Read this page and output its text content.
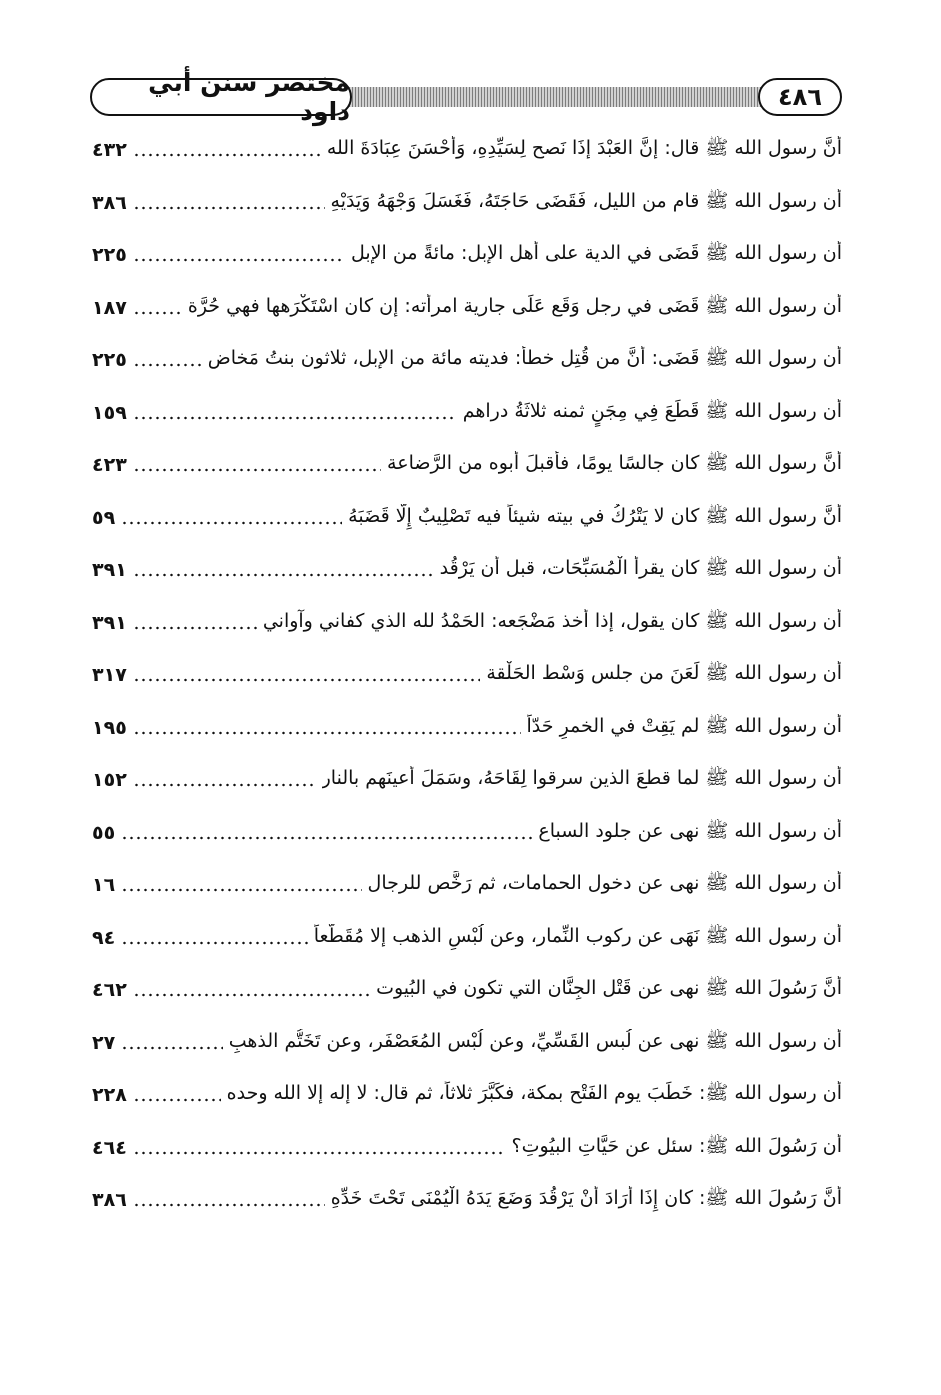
مختصر سنن أبي داود	٤٨٦
أنَّ رسول الله ﷺ قال: إنَّ العَبْدَ إذَا نَصح لِسَيِّدِهِ، وَأَحْسَنَ عِبَادَةَ الله
٤٣٢
أن رسول الله ﷺ قام من الليل، فَقَضَى حَاجَتَهُ، فَغَسَلَ وَجْهَهُ وَيَدَيْهِ
٣٨٦
أن رسول الله ﷺ قَضَى في الدية على أهل الإبل: مائةً من الإبل
٢٢٥
أن رسول الله ﷺ قَضَى في رجل وَقَع عَلَى جارية امرأته: إن كان اسْتَكْرَهها فهي حُرَّة
١٨٧
أن رسول الله ﷺ قَضَى: أَنَّ من قُتِل خطأً: فديته مائة من الإبل، ثلاثون بنتُ مَخاض
٢٢٥
أن رسول الله ﷺ قَطَعَ فِي مِجَنٍ ثمنه ثلاثَةُ دراهم
١٥٩
أنَّ رسول الله ﷺ كان جالسًا يومًا، فأقبلَ أبوه من الرَّضاعة
٤٢٣
أنَّ رسول الله ﷺ كان لا يَتْرُكُ في بيته شيئاً فيه تَصْلِيبٌ إِلَّا قَضَبَهُ
٥٩
أن رسول الله ﷺ كان يقرأ الْمُسَبِّحَات، قبل أن يَرْقُد
٣٩١
أن رسول الله ﷺ كان يقول، إذا أخذ مَضْجَعه: الحَمْدُ لله الذي كفاني وآواني
٣٩١
أن رسول الله ﷺ لَعَنَ من جلس وَسْط الحَلْقة
٣١٧
أن رسول الله ﷺ لم يَقِتْ في الخمرِ حَدّاً
١٩٥
أن رسول الله ﷺ لما قطعَ الذين سرقوا لِقَاحَهُ، وسَمَلَ أَعينَهم بالنار
١٥٢
أن رسول الله ﷺ نهى عن جلود السباع
٥٥
أن رسول الله ﷺ نهى عن دخول الحمامات، ثم رَخَّص للرجال
١٦
أن رسول الله ﷺ نَهَى عن ركوب النِّمار، وعن لُبْسِ الذهب إلا مُقَطَّعاً
٩٤
أنَّ رَسُولَ الله ﷺ نهى عن قَتْل الجِنَّان التي تكون في البُيوت
٤٦٢
أن رسول الله ﷺ نهى عن لُبس القَسِّيِّ، وعن لُبْس المُعَصْفَر، وعن تَخَتُّم الذهبِ
٢٧
أن رسول الله ﷺ: خَطَبَ يوم الفَتْح بمكة، فكَبَّرَ ثلاثاً، ثم قال: لا إله إلا الله وحده
٢٢٨
أن رَسُولَ الله ﷺ: سئل عن حَيَّاتِ البيُوتِ؟
٤٦٤
أَنَّ رَسُولَ الله ﷺ: كان إِذَا أَرَادَ أَنْ يَرْقُدَ وَضَعَ يَدَهُ الْيُمْنَى تَحْتَ خَدِّهِ
٣٨٦
